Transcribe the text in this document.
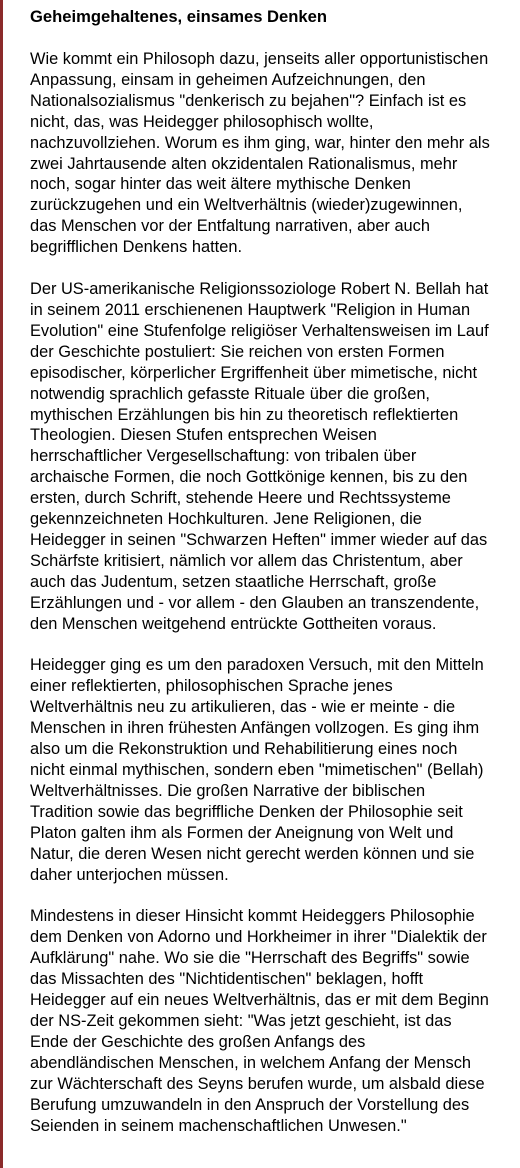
Geheimgehaltenes, einsames Denken

Wie kommt ein Philosoph dazu, jenseits aller opportunistischen Anpassung, einsam in geheimen Aufzeichnungen, den Nationalsozialismus "denkerisch zu bejahen"? Einfach ist es nicht, das, was Heidegger philosophisch wollte, nachzuvollziehen. Worum es ihm ging, war, hinter den mehr als zwei Jahrtausende alten okzidentalen Rationalismus, mehr noch, sogar hinter das weit ältere mythische Denken zurückzugehen und ein Weltverhältnis (wieder)zugewinnen, das Menschen vor der Entfaltung narrativen, aber auch begrifflichen Denkens hatten.

Der US-amerikanische Religionssoziologe Robert N. Bellah hat in seinem 2011 erschienenen Hauptwerk "Religion in Human Evolution" eine Stufenfolge religiöser Verhaltensweisen im Lauf der Geschichte postuliert: Sie reichen von ersten Formen episodischer, körperlicher Ergriffenheit über mimetische, nicht notwendig sprachlich gefasste Rituale über die großen, mythischen Erzählungen bis hin zu theoretisch reflektierten Theologien. Diesen Stufen entsprechen Weisen herrschaftlicher Vergesellschaftung: von tribalen über archaische Formen, die noch Gottkönige kennen, bis zu den ersten, durch Schrift, stehende Heere und Rechtssysteme gekennzeichneten Hochkulturen. Jene Religionen, die Heidegger in seinen "Schwarzen Heften" immer wieder auf das Schärfste kritisiert, nämlich vor allem das Christentum, aber auch das Judentum, setzen staatliche Herrschaft, große Erzählungen und - vor allem - den Glauben an transzendente, den Menschen weitgehend entrückte Gottheiten voraus.

Heidegger ging es um den paradoxen Versuch, mit den Mitteln einer reflektierten, philosophischen Sprache jenes Weltverhältnis neu zu artikulieren, das - wie er meinte - die Menschen in ihren frühesten Anfängen vollzogen. Es ging ihm also um die Rekonstruktion und Rehabilitierung eines noch nicht einmal mythischen, sondern eben "mimetischen" (Bellah) Weltverhältnisses. Die großen Narrative der biblischen Tradition sowie das begriffliche Denken der Philosophie seit Platon galten ihm als Formen der Aneignung von Welt und Natur, die deren Wesen nicht gerecht werden können und sie daher unterjochen müssen.

Mindestens in dieser Hinsicht kommt Heideggers Philosophie dem Denken von Adorno und Horkheimer in ihrer "Dialektik der Aufklärung" nahe. Wo sie die "Herrschaft des Begriffs" sowie das Missachten des "Nichtidentischen" beklagen, hofft Heidegger auf ein neues Weltverhältnis, das er mit dem Beginn der NS-Zeit gekommen sieht: "Was jetzt geschieht, ist das Ende der Geschichte des großen Anfangs des abendländischen Menschen, in welchem Anfang der Mensch zur Wächterschaft des Seyns berufen wurde, um alsbald diese Berufung umzuwandeln in den Anspruch der Vorstellung des Seienden in seinem machenschaftlichen Unwesen."
